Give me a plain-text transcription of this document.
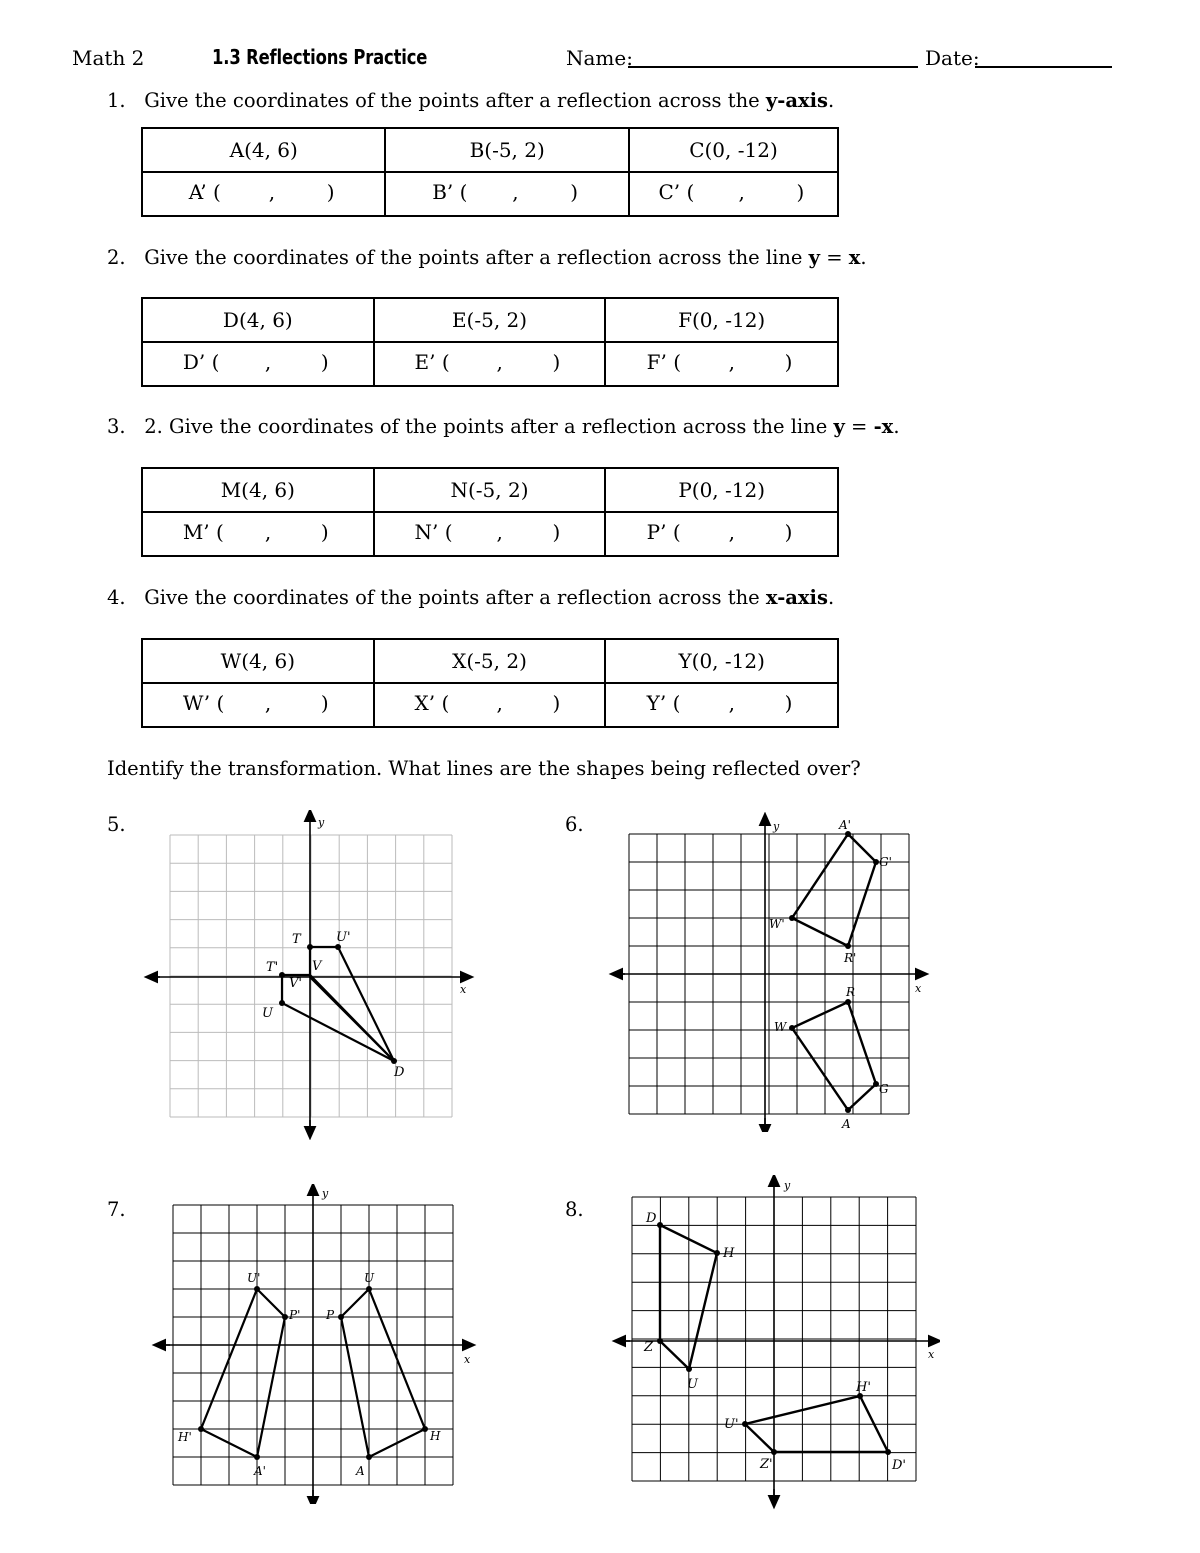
Math 2	1.3 Reflections Practice	Name:	Date:
1. Give the coordinates of the points after a reflection across the y-axis.
A(4, 6)	B(-5, 2)	C(0, -12)

A’ ( , )	B’ ( , )	C’ ( , )
2. Give the coordinates of the points after a reflection across the line y = x.
D(4, 6)	E(-5, 2)	F(0, -12)

D’ ( , )	E’ ( , )	F’ ( , )
3. 2. Give the coordinates of the points after a reflection across the line y = -x.
M(4, 6)	N(-5, 2)	P(0, -12)

M’ ( , )	N’ ( , )	P’ ( , )
4. Give the coordinates of the points after a reflection across the x-axis.
W(4, 6)	X(-5, 2)	Y(0, -12)

W’ ( , )	X’ ( , )	Y’ ( , )
Identify the transformation. What lines are the shapes being reflected over?
5.	6.
7.	8.
x
y
T	U'
T'	V
V'
U
D
x
y	A'
G'
W'
R'
R
W
G
A
x
y
U'	U
P' P
H'	H
A'	A
x
y
D
H
Z
U	H'
U'
Z'	D'
